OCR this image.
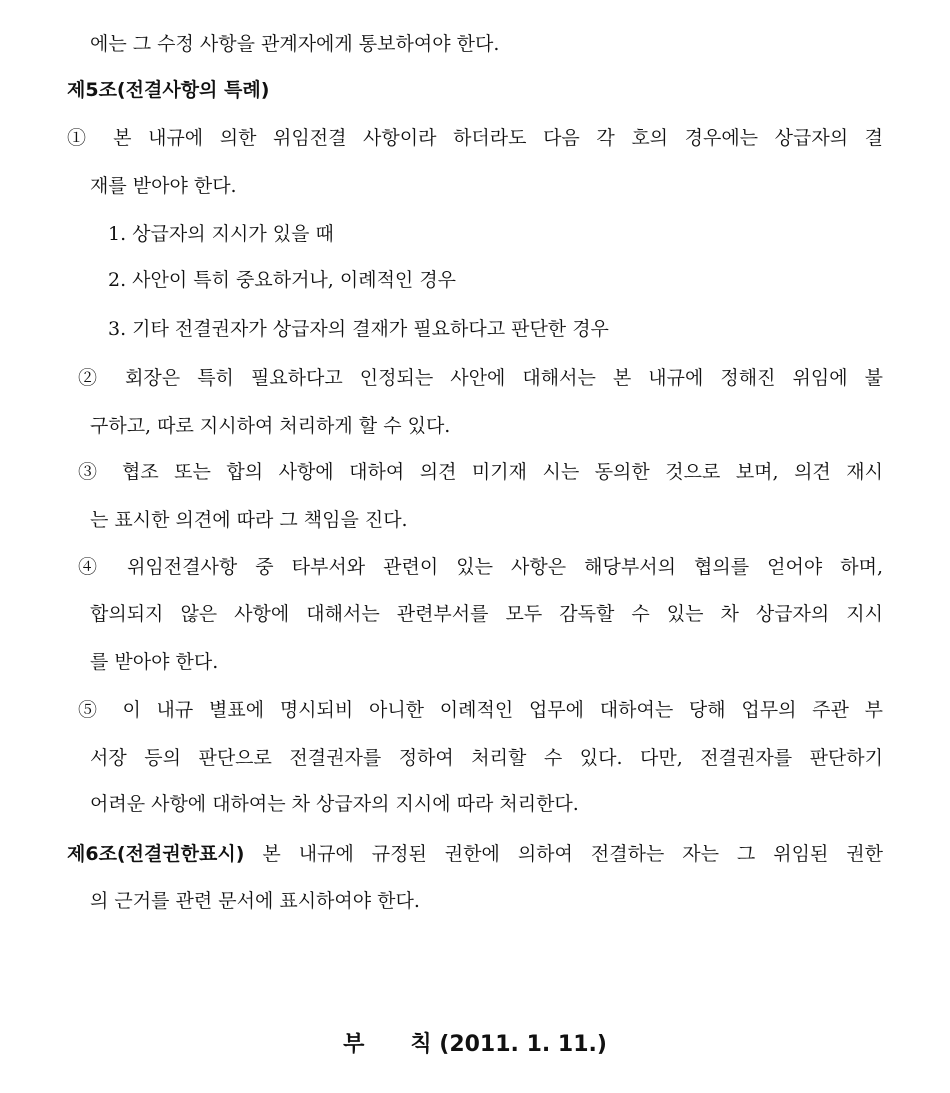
에는 그 수정 사항을 관계자에게 통보하여야 한다.
제5조(전결사항의 특례)
① 본 내규에 의한 위임전결 사항이라 하더라도 다음 각 호의 경우에는 상급자의 결
재를 받아야 한다.
1. 상급자의 지시가 있을 때
2. 사안이 특히 중요하거나, 이례적인 경우
3. 기타 전결권자가 상급자의 결재가 필요하다고 판단한 경우
② 회장은 특히 필요하다고 인정되는 사안에 대해서는 본 내규에 정해진 위임에 불
구하고, 따로 지시하여 처리하게 할 수 있다.
③ 협조 또는 합의 사항에 대하여 의견 미기재 시는 동의한 것으로 보며, 의견 재시
는 표시한 의견에 따라 그 책임을 진다.
④ 위임전결사항 중 타부서와 관련이 있는 사항은 해당부서의 협의를 얻어야 하며,
합의되지 않은 사항에 대해서는 관련부서를 모두 감독할 수 있는 차 상급자의 지시
를 받아야 한다.
⑤ 이 내규 별표에 명시되비 아니한 이례적인 업무에 대하여는 당해 업무의 주관 부
서장 등의 판단으로 전결권자를 정하여 처리할 수 있다. 다만, 전결권자를 판단하기
어려운 사항에 대하여는 차 상급자의 지시에 따라 처리한다.
제6조(전결권한표시) 본 내규에 규정된 권한에 의하여 전결하는 자는 그 위임된 권한
의 근거를 관련 문서에 표시하여야 한다.
부 칙 (2011. 1. 11.)
